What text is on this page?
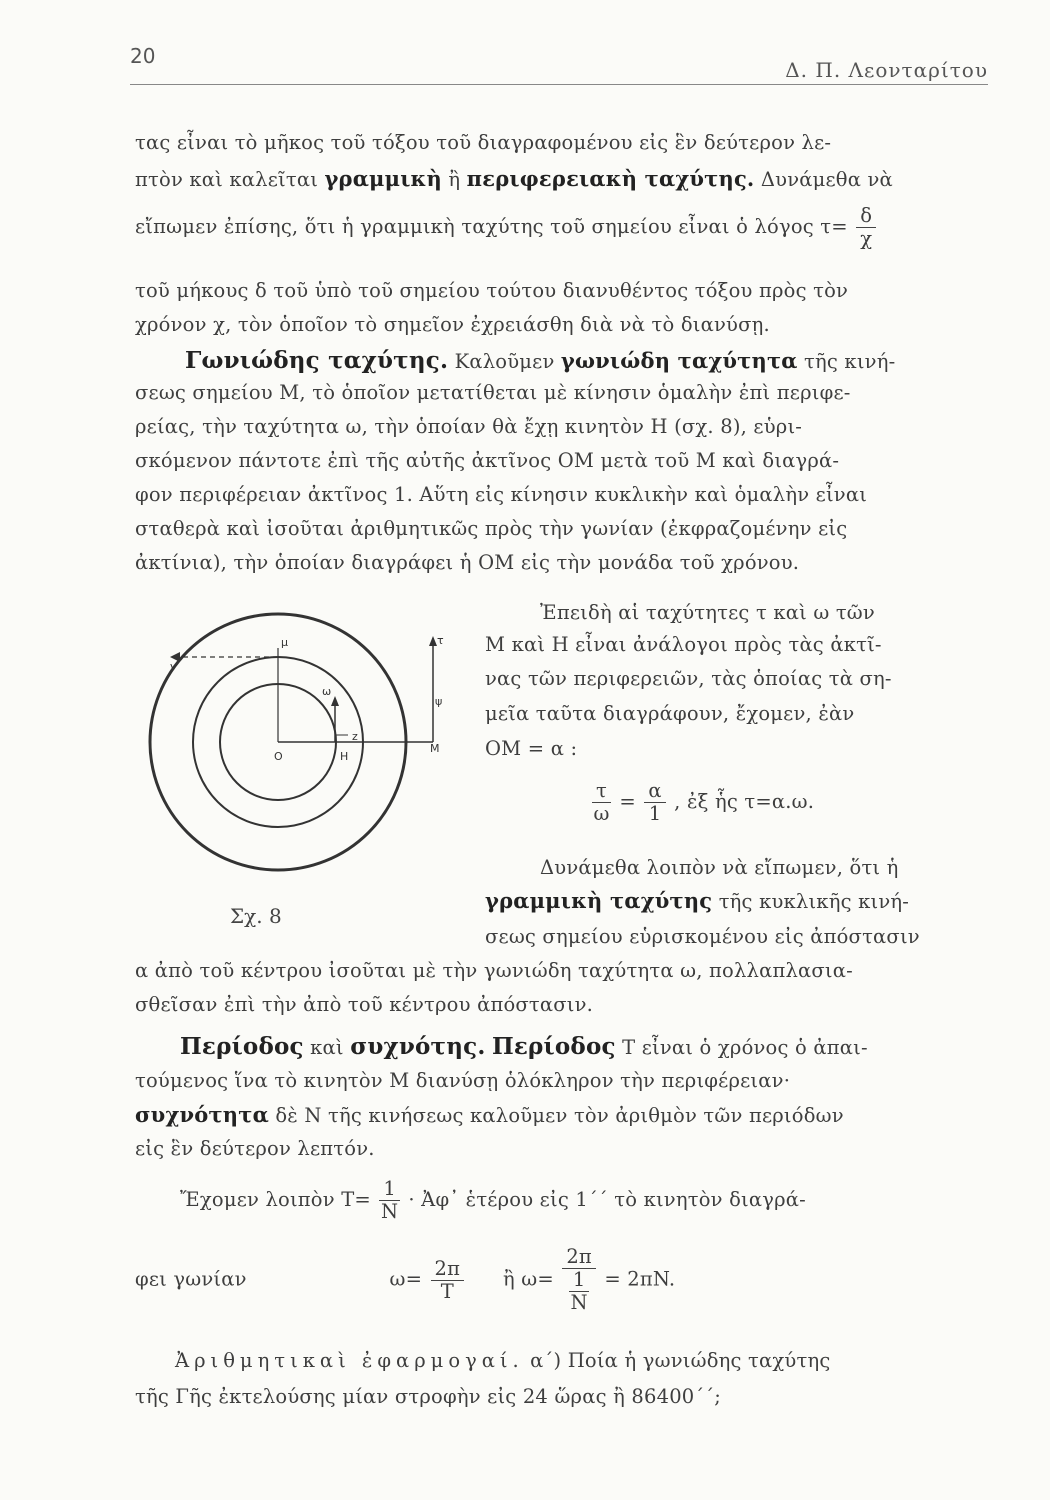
20
Δ. Π. Λεονταρίτου
τας εἶναι τὸ μῆκος τοῦ τόξου τοῦ διαγραφομένου εἰς ἓν δεύτερον λε-
πτὸν καὶ καλεῖται γραμμικὴ ἢ περιφερειακὴ ταχύτης. Δυνάμεθα νὰ
εἴπωμεν ἐπίσης, ὅτι ἡ γραμμικὴ ταχύτης τοῦ σημείου εἶναι ὁ λόγος $\tau= \frac{\delta}{\chi}$
τοῦ μήκους δ τοῦ ὑπὸ τοῦ σημείου τούτου διανυθέντος τόξου πρὸς τὸν
χρόνον χ, τὸν ὁποῖον τὸ σημεῖον ἐχρειάσθη διὰ νὰ τὸ διανύσῃ.
Γωνιώδης ταχύτης. Καλοῦμεν γωνιώδη ταχύτητα τῆς κινή-
σεως σημείου Μ, τὸ ὁποῖον μετατίθεται μὲ κίνησιν ὁμαλὴν ἐπὶ περιφε-
ρείας, τὴν ταχύτητα ω, τὴν ὁποίαν θὰ ἔχῃ κινητὸν Η (σχ. 8), εὑρι-
σκόμενον πάντοτε ἐπὶ τῆς αὐτῆς ἀκτῖνος ΟΜ μετὰ τοῦ Μ καὶ διαγρά-
φον περιφέρειαν ἀκτῖνος 1. Αὕτη εἰς κίνησιν κυκλικὴν καὶ ὁμαλὴν εἶναι
σταθερὰ καὶ ἰσοῦται ἀριθμητικῶς πρὸς τὴν γωνίαν (ἐκφραζομένην εἰς
ἀκτίνια), τὴν ὁποίαν διαγράφει ἡ ΟΜ εἰς τὴν μονάδα τοῦ χρόνου.
O	H
M
μ
ω
z
τ
ψ
v
Σχ. 8
Ἐπειδὴ αἱ ταχύτητες τ καὶ ω τῶν
Μ καὶ Η εἶναι ἀνάλογοι πρὸς τὰς ἀκτῖ-
νας τῶν περιφερειῶν, τὰς ὁποίας τὰ ση-
μεῖα ταῦτα διαγράφουν, ἔχομεν, ἐὰν
ΟΜ = α :
$\frac{\tau}{\omega} = \frac{\alpha}{1}$ , ἐξ ἧς τ=α.ω.
Δυνάμεθα λοιπὸν νὰ εἴπωμεν, ὅτι ἡ
γραμμικὴ ταχύτης τῆς κυκλικῆς κινή-
σεως σημείου εὑρισκομένου εἰς ἀπόστασιν
α ἀπὸ τοῦ κέντρου ἰσοῦται μὲ τὴν γωνιώδη ταχύτητα ω, πολλαπλασια-
σθεῖσαν ἐπὶ τὴν ἀπὸ τοῦ κέντρου ἀπόστασιν.
Περίοδος καὶ συχνότης. Περίοδος Τ εἶναι ὁ χρόνος ὁ ἀπαι-
τούμενος ἵνα τὸ κινητὸν Μ διανύσῃ ὁλόκληρον τὴν περιφέρειαν·
συχνότητα δὲ Ν τῆς κινήσεως καλοῦμεν τὸν ἀριθμὸν τῶν περιόδων
εἰς ἓν δεύτερον λεπτόν.
Ἔχομεν λοιπὸν $T= \frac{1}{N}$ · Ἀφ᾿ ἑτέρου εἰς 1΄΄ τὸ κινητὸν διαγρά-
φει γωνίαν	$\omega= \frac{2\pi}{T}$ ἢ $\omega= \frac{2\pi}{\frac{1}{N}} = 2\pi N$.
Ἀριθμητικαὶ ἐφαρμογαί. α΄) Ποία ἡ γωνιώδης ταχύτης
τῆς Γῆς ἐκτελούσης μίαν στροφὴν εἰς 24 ὥρας ἢ 86400΄΄;
